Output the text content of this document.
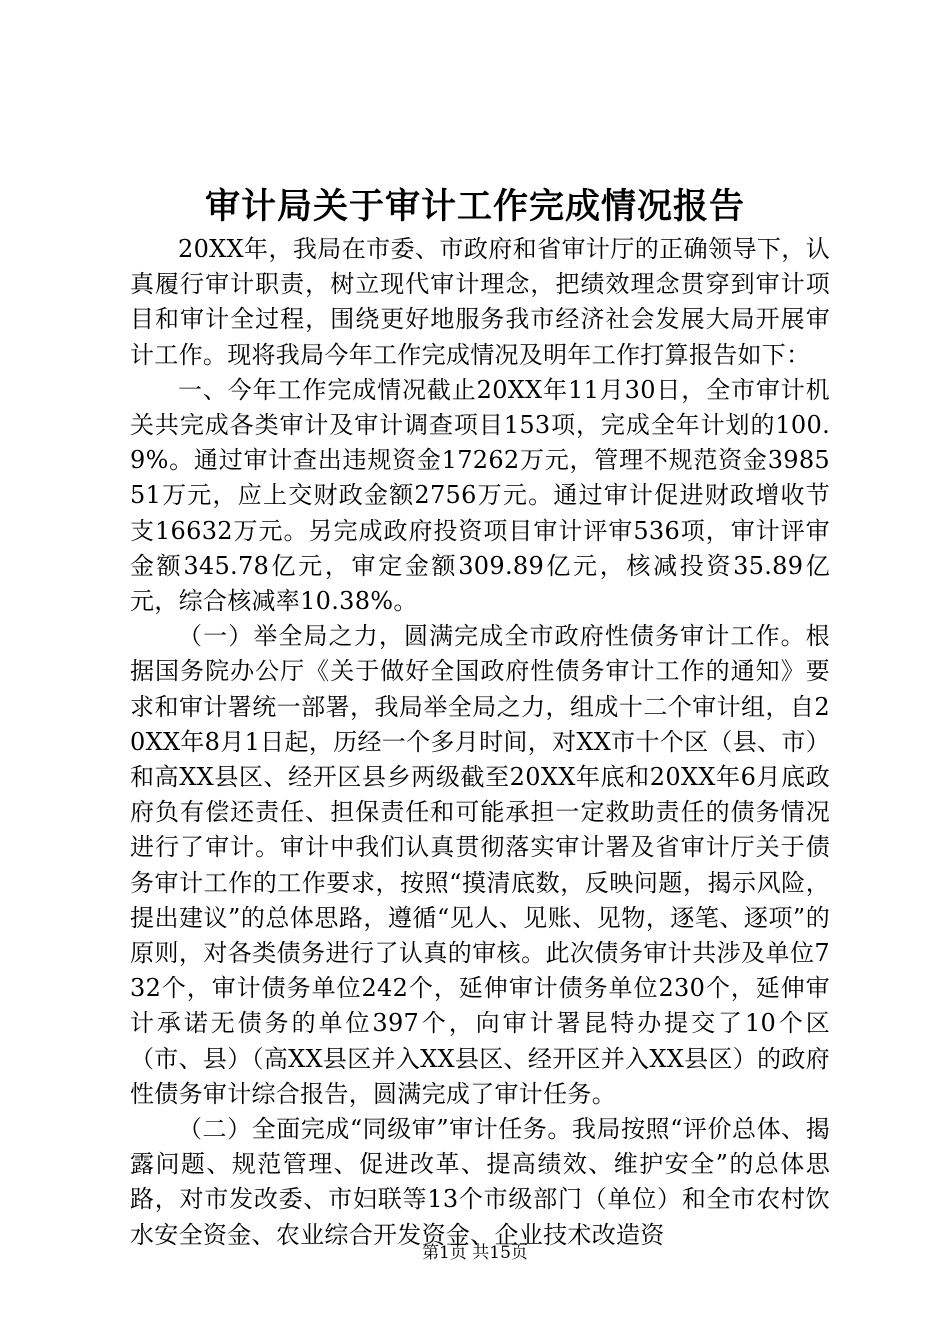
审计局关于审计工作完成情况报告

20XX年，我局在市委、市政府和省审计厅的正确领导下，认真履行审计职责，树立现代审计理念，把绩效理念贯穿到审计项目和审计全过程，围绕更好地服务我市经济社会发展大局开展审计工作。现将我局今年工作完成情况及明年工作打算报告如下：

一、今年工作完成情况截止20XX年11月30日，全市审计机关共完成各类审计及审计调查项目153项，完成全年计划的100.9%。通过审计查出违规资金17262万元，管理不规范资金398551万元，应上交财政金额2756万元。通过审计促进财政增收节支16632万元。另完成政府投资项目审计评审536项，审计评审金额345.78亿元，审定金额309.89亿元，核减投资35.89亿元，综合核减率10.38%。

（一）举全局之力，圆满完成全市政府性债务审计工作。根据国务院办公厅《关于做好全国政府性债务审计工作的通知》要求和审计署统一部署，我局举全局之力，组成十二个审计组，自20XX年8月1日起，历经一个多月时间，对XX市十个区（县、市）和高XX县区、经开区县乡两级截至20XX年底和20XX年6月底政府负有偿还责任、担保责任和可能承担一定救助责任的债务情况进行了审计。审计中我们认真贯彻落实审计署及省审计厅关于债务审计工作的工作要求，按照“摸清底数，反映问题，揭示风险，提出建议”的总体思路，遵循“见人、见账、见物，逐笔、逐项”的原则，对各类债务进行了认真的审核。此次债务审计共涉及单位732个，审计债务单位242个，延伸审计债务单位230个，延伸审计承诺无债务的单位397个，向审计署昆特办提交了10个区（市、县）（高XX县区并入XX县区、经开区并入XX县区）的政府性债务审计综合报告，圆满完成了审计任务。

（二）全面完成“同级审”审计任务。我局按照“评价总体、揭露问题、规范管理、促进改革、提高绩效、维护安全”的总体思路，对市发改委、市妇联等13个市级部门（单位）和全市农村饮水安全资金、农业综合开发资金、企业技术改造资

第1页 共15页
